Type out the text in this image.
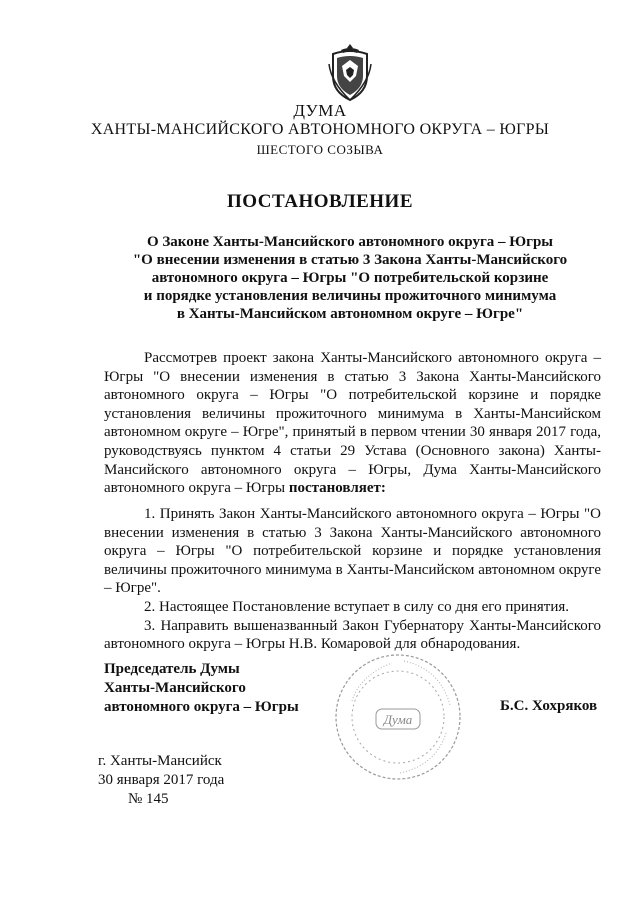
ДУМА
ХАНТЫ-МАНСИЙСКОГО АВТОНОМНОГО ОКРУГА – ЮГРЫ
ШЕСТОГО СОЗЫВА
ПОСТАНОВЛЕНИЕ
О Законе Ханты-Мансийского автономного округа – Югры
"О внесении изменения в статью 3 Закона Ханты-Мансийского
автономного округа – Югры "О потребительской корзине
и порядке установления величины прожиточного минимума
в Ханты-Мансийском автономном округе – Югре"

Рассмотрев проект закона Ханты-Мансийского автономного округа – Югры "О внесении изменения в статью 3 Закона Ханты-Мансийского автономного округа – Югры "О потребительской корзине и порядке установления величины прожиточного минимума в Ханты-Мансийском автономном округе – Югре", принятый в первом чтении 30 января 2017 года, руководствуясь пунктом 4 статьи 29 Устава (Основного закона) Ханты-Мансийского автономного округа – Югры, Дума Ханты-Мансийского автономного округа – Югры постановляет:

1. Принять Закон Ханты-Мансийского автономного округа – Югры "О внесении изменения в статью 3 Закона Ханты-Мансийского автономного округа – Югры "О потребительской корзине и порядке установления величины прожиточного минимума в Ханты-Мансийском автономном округе – Югре".

2. Настоящее Постановление вступает в силу со дня его принятия.

3. Направить вышеназванный Закон Губернатору Ханты-Мансийского автономного округа – Югры Н.В. Комаровой для обнародования.

Председатель Думы
Ханты-Мансийского
автономного округа – Югры
Дума
Б.С. Хохряков
г. Ханты-Мансийск
30 января 2017 года
№ 145
